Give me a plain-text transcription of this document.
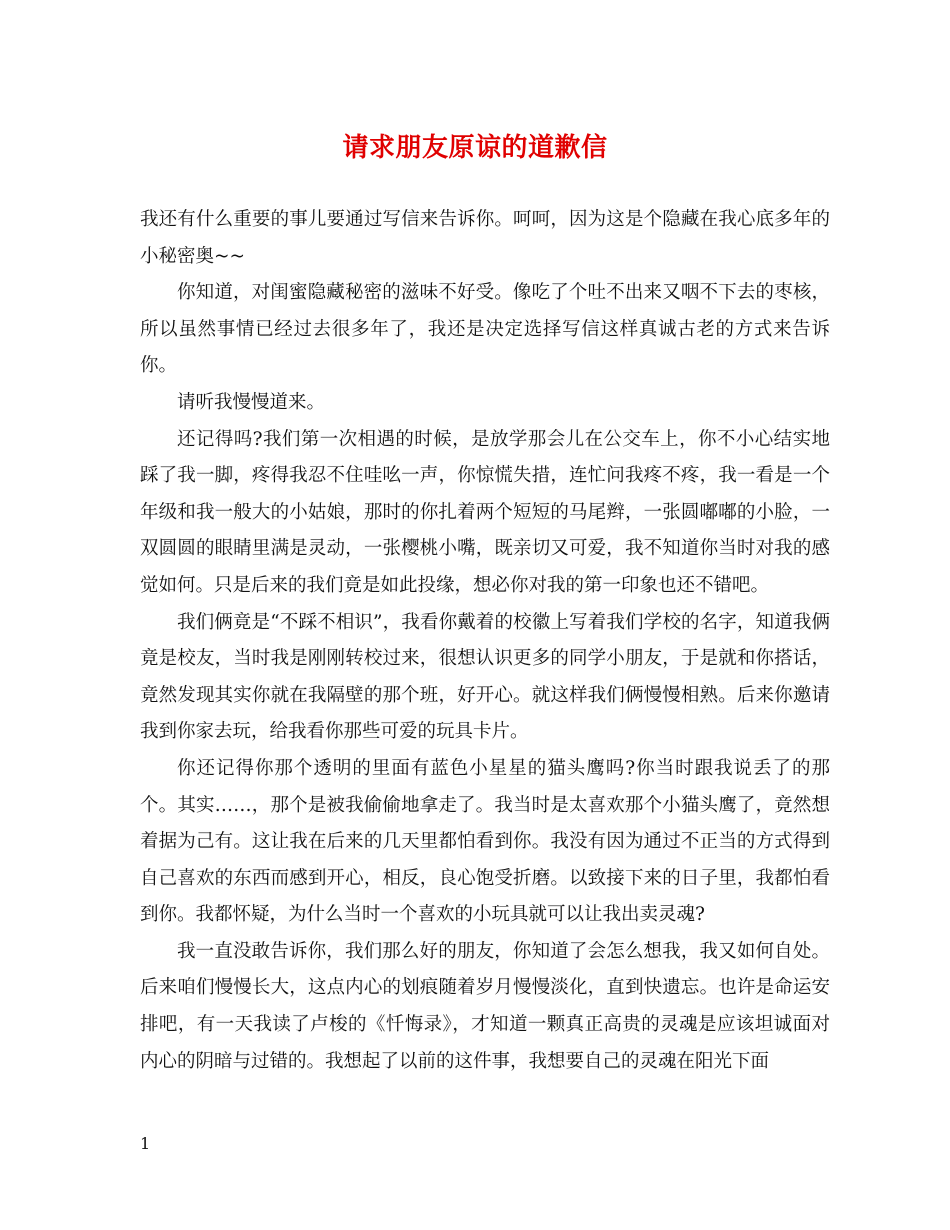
请求朋友原谅的道歉信

我还有什么重要的事儿要通过写信来告诉你。呵呵，因为这是个隐藏在我心底多年的小秘密奥~~

你知道，对闺蜜隐藏秘密的滋味不好受。像吃了个吐不出来又咽不下去的枣核，所以虽然事情已经过去很多年了，我还是决定选择写信这样真诚古老的方式来告诉你。

请听我慢慢道来。

还记得吗?我们第一次相遇的时候，是放学那会儿在公交车上，你不小心结实地踩了我一脚，疼得我忍不住哇吆一声，你惊慌失措，连忙问我疼不疼，我一看是一个年级和我一般大的小姑娘，那时的你扎着两个短短的马尾辫，一张圆嘟嘟的小脸，一双圆圆的眼睛里满是灵动，一张樱桃小嘴，既亲切又可爱，我不知道你当时对我的感觉如何。只是后来的我们竟是如此投缘，想必你对我的第一印象也还不错吧。

我们俩竟是“不踩不相识”，我看你戴着的校徽上写着我们学校的名字，知道我俩竟是校友，当时我是刚刚转校过来，很想认识更多的同学小朋友，于是就和你搭话，竟然发现其实你就在我隔壁的那个班，好开心。就这样我们俩慢慢相熟。后来你邀请我到你家去玩，给我看你那些可爱的玩具卡片。

你还记得你那个透明的里面有蓝色小星星的猫头鹰吗?你当时跟我说丢了的那个。其实……，那个是被我偷偷地拿走了。我当时是太喜欢那个小猫头鹰了，竟然想着据为己有。这让我在后来的几天里都怕看到你。我没有因为通过不正当的方式得到自己喜欢的东西而感到开心，相反，良心饱受折磨。以致接下来的日子里，我都怕看到你。我都怀疑，为什么当时一个喜欢的小玩具就可以让我出卖灵魂?

我一直没敢告诉你，我们那么好的朋友，你知道了会怎么想我，我又如何自处。后来咱们慢慢长大，这点内心的划痕随着岁月慢慢淡化，直到快遗忘。也许是命运安排吧，有一天我读了卢梭的《忏悔录》，才知道一颗真正高贵的灵魂是应该坦诚面对内心的阴暗与过错的。我想起了以前的这件事，我想要自己的灵魂在阳光下面

1
